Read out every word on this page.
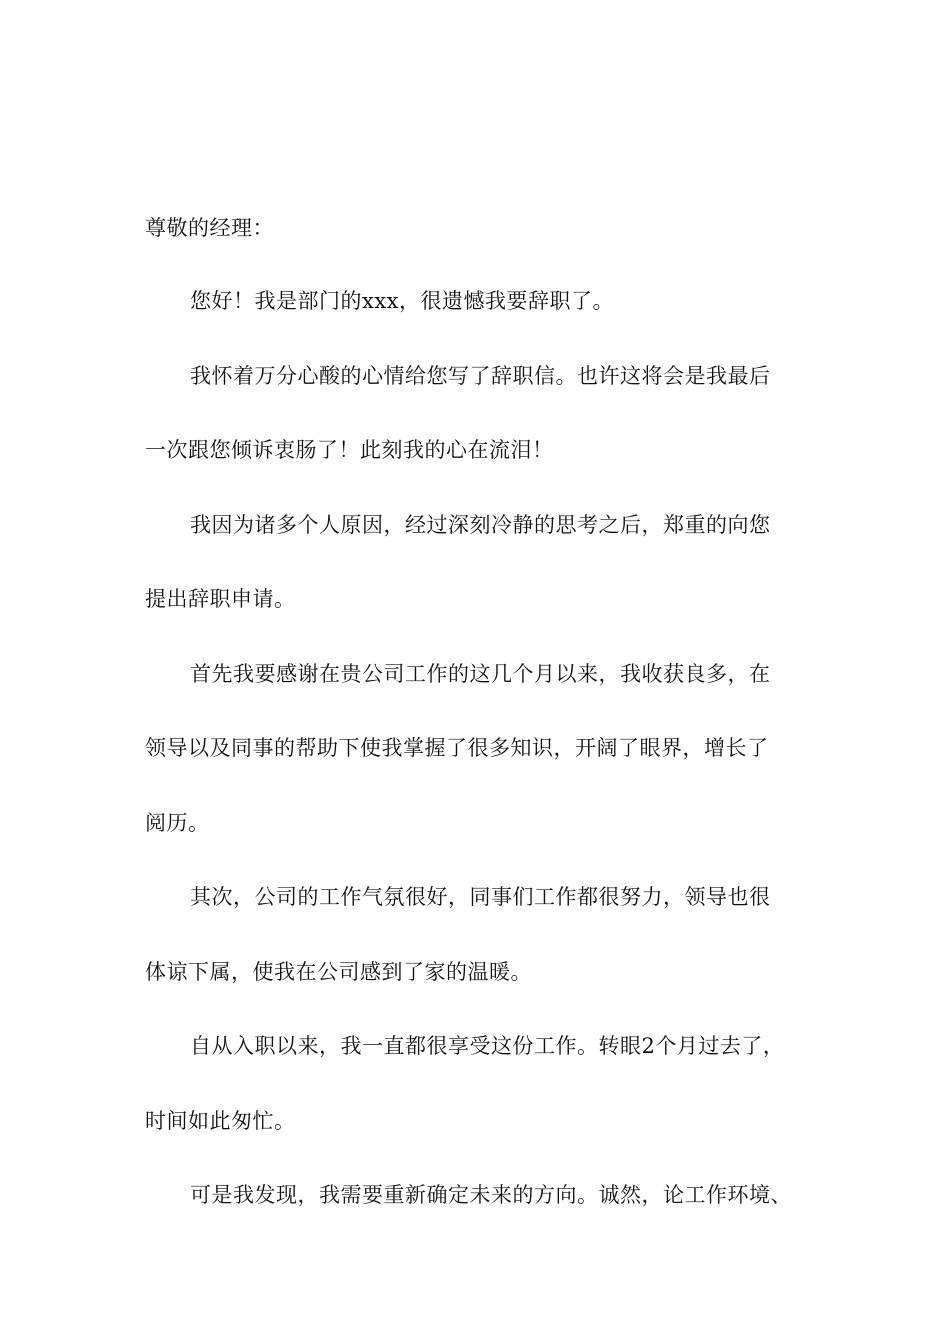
尊敬的经理：
您好！我是部门的xxx，很遗憾我要辞职了。
我怀着万分心酸的心情给您写了辞职信。也许这将会是我最后
一次跟您倾诉衷肠了！此刻我的心在流泪！
我因为诸多个人原因，经过深刻冷静的思考之后，郑重的向您
提出辞职申请。
首先我要感谢在贵公司工作的这几个月以来，我收获良多，在
领导以及同事的帮助下使我掌握了很多知识，开阔了眼界，增长了
阅历。
其次，公司的工作气氛很好，同事们工作都很努力，领导也很
体谅下属，使我在公司感到了家的温暖。
自从入职以来，我一直都很享受这份工作。转眼2个月过去了，
时间如此匆忙。
可是我发现，我需要重新确定未来的方向。诚然，论工作环境、
